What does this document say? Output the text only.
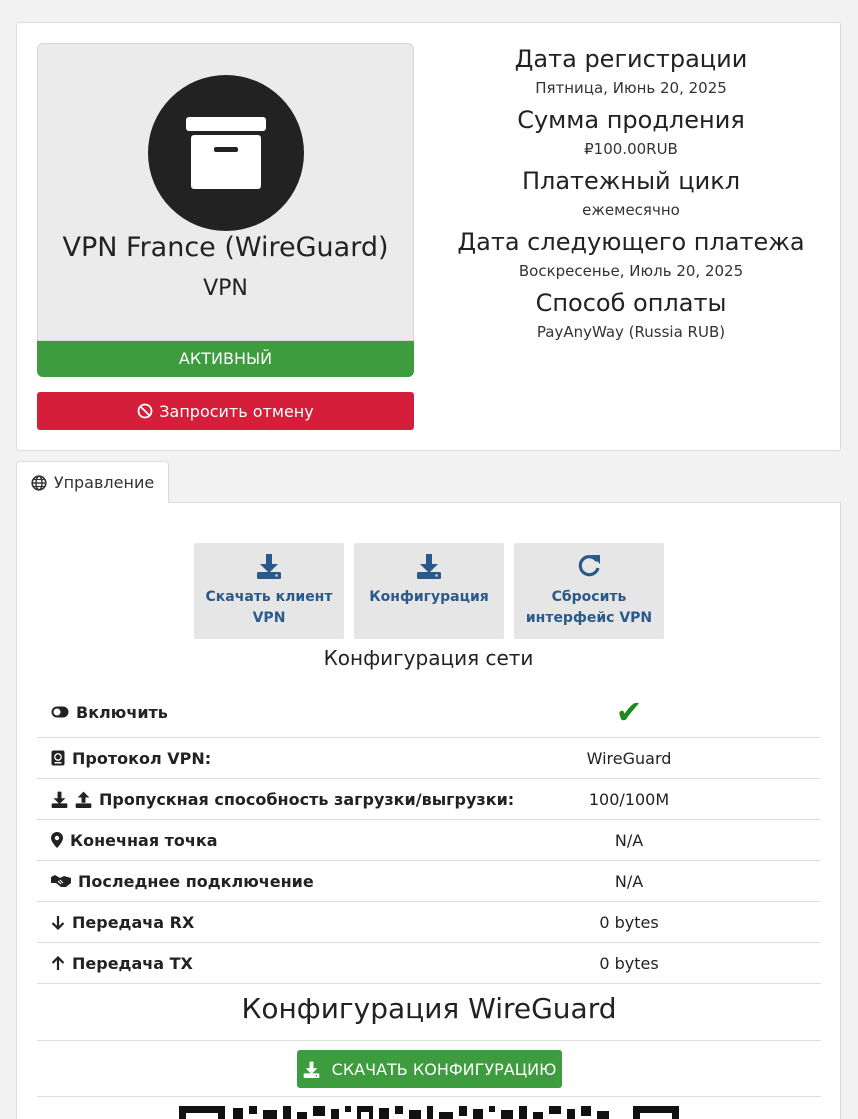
VPN France (WireGuard)
VPN
АКТИВНЫЙ
Запросить отмену
Дата регистрации
Пятница, Июнь 20, 2025
Сумма продления
₽100.00RUB
Платежный цикл
ежемесячно
Дата следующего платежа
Воскресенье, Июль 20, 2025
Способ оплаты
PayAnyWay (Russia RUB)
Управление
Скачать клиент VPN
Конфигурация	Сбросить интерфейс VPN
Конфигурация сети
Включить	✔
Протокол VPN:	WireGuard
Пропускная способность загрузки/выгрузки:	100/100M
Конечная точка	N/A
Последнее подключение	N/A
Передача RX	0 bytes
Передача TX	0 bytes
Конфигурация WireGuard
СКАЧАТЬ КОНФИГУРАЦИЮ
